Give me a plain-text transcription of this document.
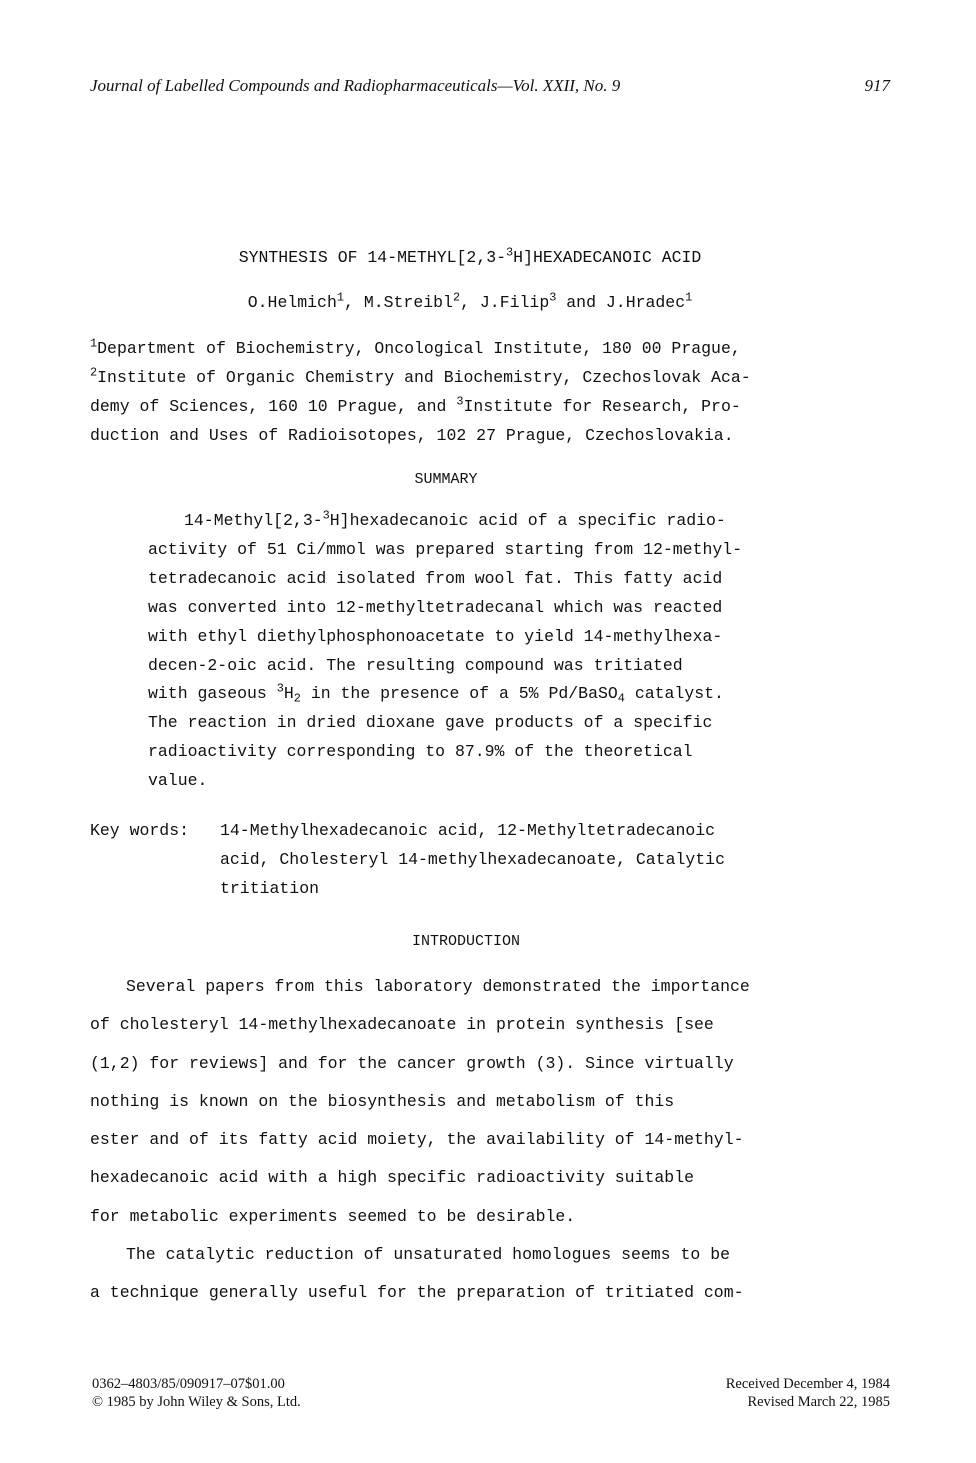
Journal of Labelled Compounds and Radiopharmaceuticals—Vol. XXII, No. 9	917
SYNTHESIS OF 14-METHYL[2,3-$^3$H]HEXADECANOIC ACID
O.Helmich$^1$, M.Streibl$^2$, J.Filip$^3$ and J.Hradec$^1$
$^1$Department of Biochemistry, Oncological Institute, 180 00 Prague,
$^2$Institute of Organic Chemistry and Biochemistry, Czechoslovak Aca-
demy of Sciences, 160 10 Prague, and $^3$Institute for Research, Pro-
duction and Uses of Radioisotopes, 102 27 Prague, Czechoslovakia.
SUMMARY
14-Methyl[2,3-$^3$H]hexadecanoic acid of a specific radio-
activity of 51 Ci/mmol was prepared starting from 12-methyl-
tetradecanoic acid isolated from wool fat. This fatty acid
was converted into 12-methyltetradecanal which was reacted
with ethyl diethylphosphonoacetate to yield 14-methylhexa-
decen-2-oic acid. The resulting compound was tritiated
with gaseous $^3H_2$ in the presence of a 5% Pd/BaSO$_4$ catalyst.
The reaction in dried dioxane gave products of a specific
radioactivity corresponding to 87.9% of the theoretical
value.
Key words:	14-Methylhexadecanoic acid, 12-Methyltetradecanoic
acid, Cholesteryl 14-methylhexadecanoate, Catalytic
tritiation
INTRODUCTION
Several papers from this laboratory demonstrated the importance
of cholesteryl 14-methylhexadecanoate in protein synthesis [see
(1,2) for reviews] and for the cancer growth (3). Since virtually
nothing is known on the biosynthesis and metabolism of this
ester and of its fatty acid moiety, the availability of 14-methyl-
hexadecanoic acid with a high specific radioactivity suitable
for metabolic experiments seemed to be desirable.
The catalytic reduction of unsaturated homologues seems to be
a technique generally useful for the preparation of tritiated com-
0362–4803/85/090917–07$01.00
© 1985 by John Wiley & Sons, Ltd.
Received December 4, 1984
Revised March 22, 1985
